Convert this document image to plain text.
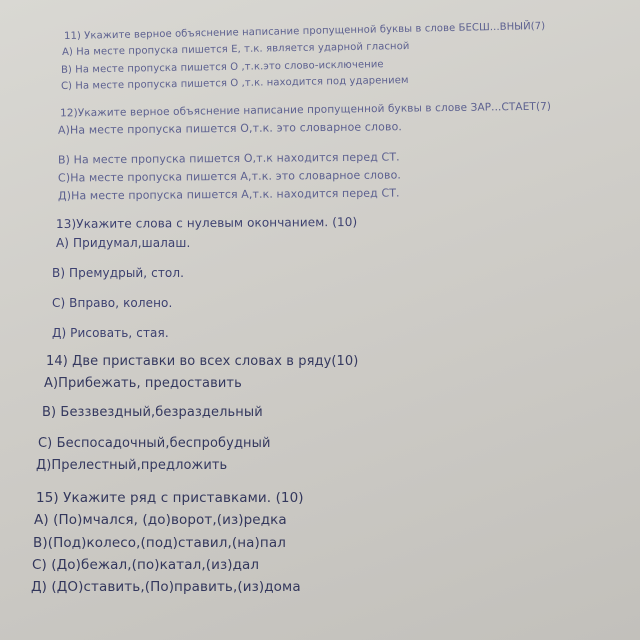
11) Укажите верное объяснение написание пропущенной буквы в слове БЕСШ...ВНЫЙ(7)
А) На месте пропуска пишется Е, т.к. является ударной гласной
В) На месте пропуска пишется О ,т.к.это слово-исключение
С) На месте пропуска пишется О ,т.к. находится под ударением
12)Укажите верное объяснение написание пропущенной буквы в слове ЗАР...СТАЕТ(7)
А)На месте пропуска пишется О,т.к. это словарное слово.
В) На месте пропуска пишется О,т.к находится перед СТ.
С)На месте пропуска пишется А,т.к. это словарное слово.
Д)На месте пропуска пишется А,т.к. находится перед СТ.
13)Укажите слова с нулевым окончанием. (10)
А) Придумал,шалаш.
В) Премудрый, стол.
С) Вправо, колено.
Д) Рисовать, стая.
14) Две приставки во всех словах в ряду(10)
А)Прибежать, предоставить
В) Беззвездный,безраздельный
С) Беспосадочный,беспробудный
Д)Прелестный,предложить
15) Укажите ряд с приставками. (10)
А) (По)мчался, (до)ворот,(из)редка
В)(Под)колесо,(под)ставил,(на)пал
С) (До)бежал,(по)катал,(из)дал
Д) (ДО)ставить,(По)править,(из)дома
